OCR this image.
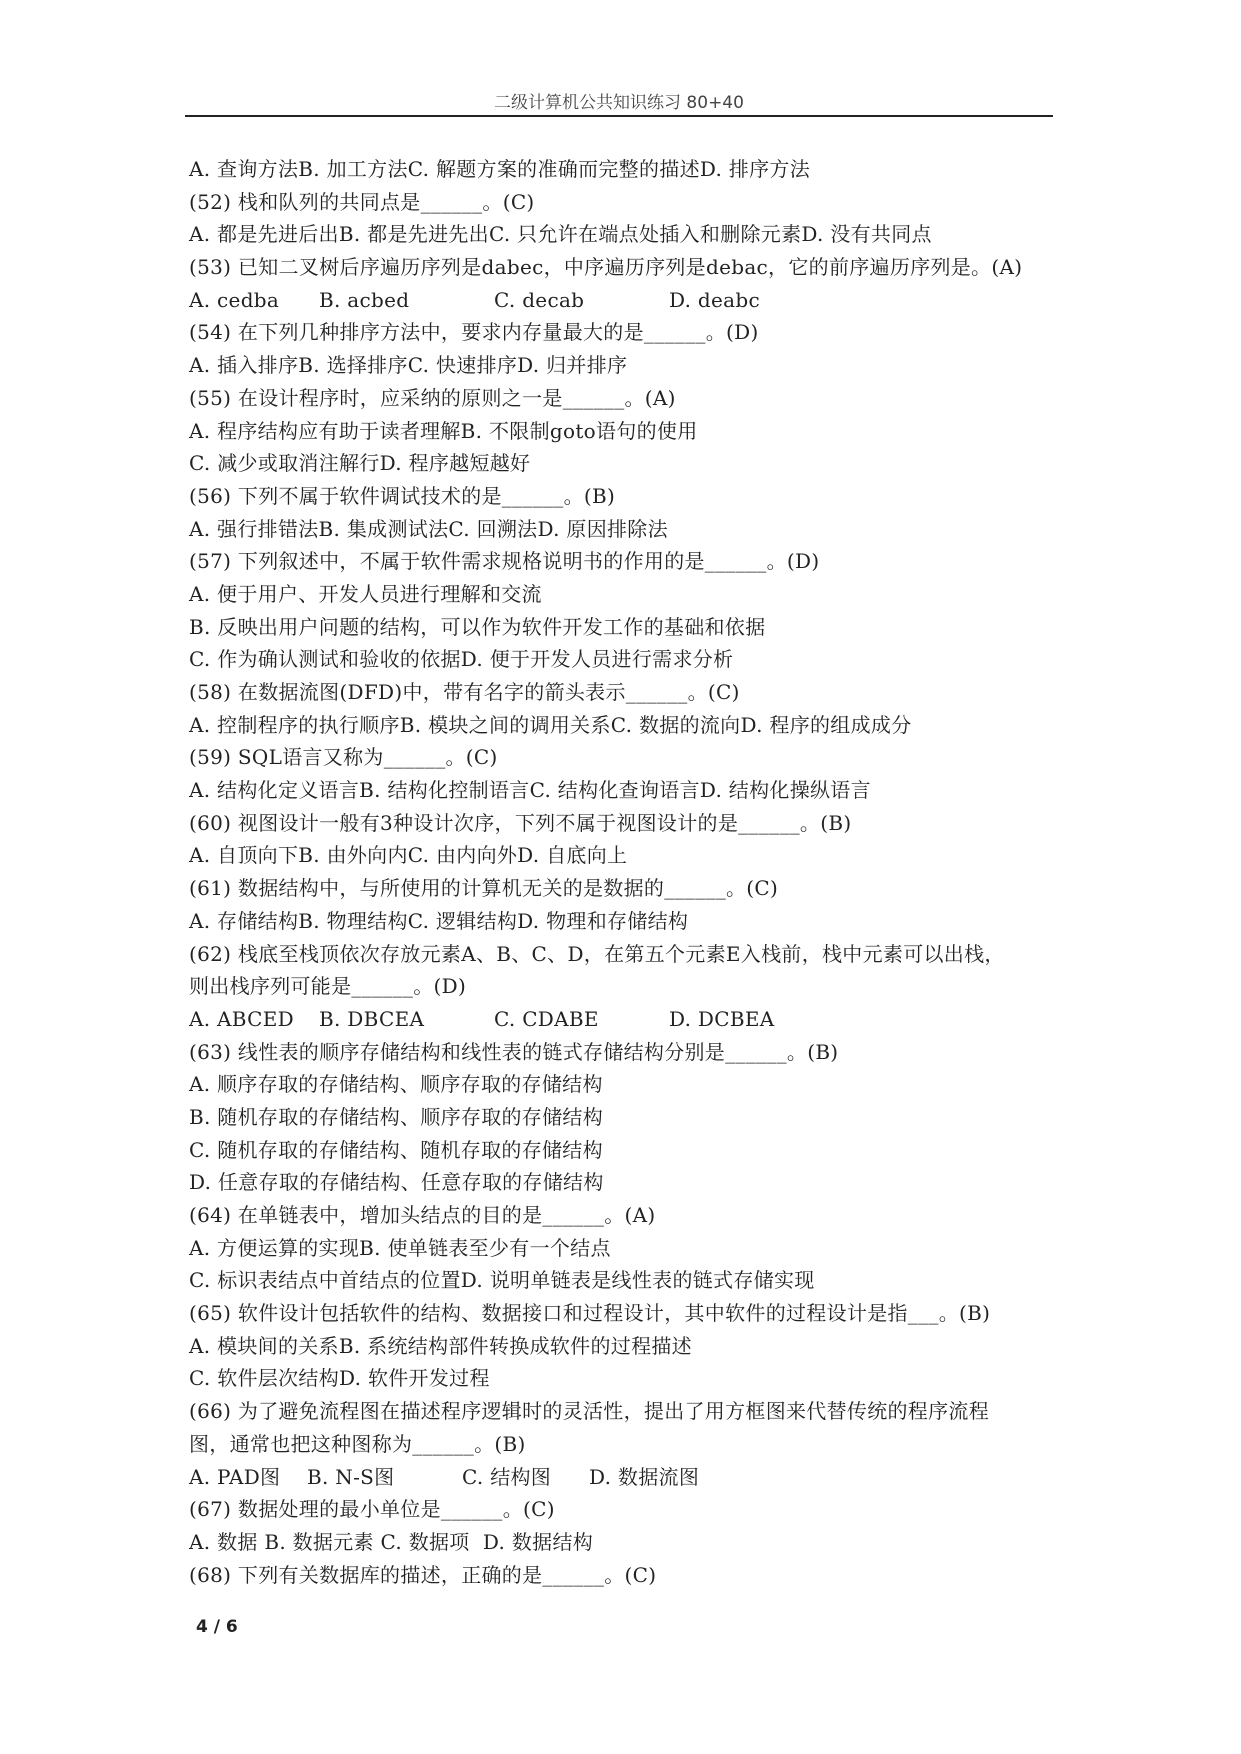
二级计算机公共知识练习 80+40
A. 查询方法B. 加工方法C. 解题方案的准确而完整的描述D. 排序方法
(52) 栈和队列的共同点是______。(C)
A. 都是先进后出B. 都是先进先出C. 只允许在端点处插入和删除元素D. 没有共同点
(53) 已知二叉树后序遍历序列是dabec，中序遍历序列是debac，它的前序遍历序列是。(A)
A. cedba	B. acbed	C. decab	D. deabc
(54) 在下列几种排序方法中，要求内存量最大的是______。(D)
A. 插入排序B. 选择排序C. 快速排序D. 归并排序
(55) 在设计程序时，应采纳的原则之一是______。(A)
A. 程序结构应有助于读者理解B. 不限制goto语句的使用
C. 减少或取消注解行D. 程序越短越好
(56) 下列不属于软件调试技术的是______。(B)
A. 强行排错法B. 集成测试法C. 回溯法D. 原因排除法
(57) 下列叙述中，不属于软件需求规格说明书的作用的是______。(D)
A. 便于用户、开发人员进行理解和交流
B. 反映出用户问题的结构，可以作为软件开发工作的基础和依据
C. 作为确认测试和验收的依据D. 便于开发人员进行需求分析
(58) 在数据流图(DFD)中，带有名字的箭头表示______。(C)
A. 控制程序的执行顺序B. 模块之间的调用关系C. 数据的流向D. 程序的组成成分
(59) SQL语言又称为______。(C)
A. 结构化定义语言B. 结构化控制语言C. 结构化查询语言D. 结构化操纵语言
(60) 视图设计一般有3种设计次序，下列不属于视图设计的是______。(B)
A. 自顶向下B. 由外向内C. 由内向外D. 自底向上
(61) 数据结构中，与所使用的计算机无关的是数据的______。(C)
A. 存储结构B. 物理结构C. 逻辑结构D. 物理和存储结构
(62) 栈底至栈顶依次存放元素A、B、C、D，在第五个元素E入栈前，栈中元素可以出栈，
则出栈序列可能是______。(D)
A. ABCED	B. DBCEA	C. CDABE	D. DCBEA
(63) 线性表的顺序存储结构和线性表的链式存储结构分别是______。(B)
A. 顺序存取的存储结构、顺序存取的存储结构
B. 随机存取的存储结构、顺序存取的存储结构
C. 随机存取的存储结构、随机存取的存储结构
D. 任意存取的存储结构、任意存取的存储结构
(64) 在单链表中，增加头结点的目的是______。(A)
A. 方便运算的实现B. 使单链表至少有一个结点
C. 标识表结点中首结点的位置D. 说明单链表是线性表的链式存储实现
(65) 软件设计包括软件的结构、数据接口和过程设计，其中软件的过程设计是指___。(B)
A. 模块间的关系B. 系统结构部件转换成软件的过程描述
C. 软件层次结构D. 软件开发过程
(66) 为了避免流程图在描述程序逻辑时的灵活性，提出了用方框图来代替传统的程序流程
图，通常也把这种图称为______。(B)
A. PAD图	B. N-S图	C. 结构图	D. 数据流图
(67) 数据处理的最小单位是______。(C)
A. 数据 B. 数据元素 C. 数据项  D. 数据结构
(68) 下列有关数据库的描述，正确的是______。(C)
4 / 6
